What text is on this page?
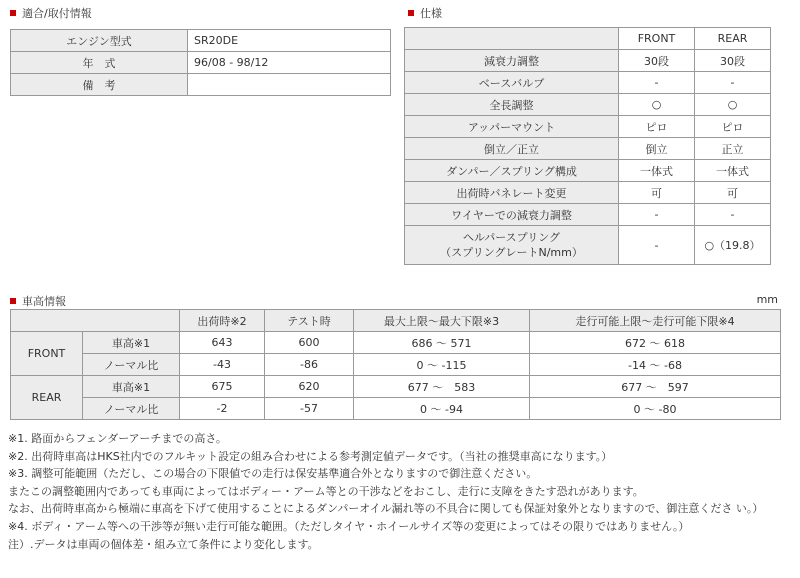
適合/取付情報
エンジン型式	SR20DE
年　式	96/08 - 98/12
備　考	
仕様
	FRONT	REAR
減衰力調整	30段	30段
ベースバルブ	-	-
全長調整	○	○
アッパーマウント	ピロ	ピロ
倒立／正立	倒立	正立
ダンパー／スプリング構成	一体式	一体式
出荷時バネレート変更	可	可
ワイヤーでの減衰力調整	-	-

ヘルパースプリング
（スプリングレートN/mm）	-	○（19.8）
車高情報	mm
		出荷時※2	テスト時	最大上限～最大下限※3	走行可能上限～走行可能下限※4
FRONT	車高※1	643	600	686 ～ 571	672 ～ 618
	ノーマル比	-43	-86	0 ～ -115	-14 ～ -68
REAR	車高※1	675	620	677 ～　583	677 ～　597
	ノーマル比	-2	-57	0 ～ -94	0 ～ -80
※1. 路面からフェンダーアーチまでの高さ。
※2. 出荷時車高はHKS社内でのフルキット設定の組み合わせによる参考測定値データです。（当社の推奨車高になります。）
※3. 調整可能範囲（ただし、この場合の下限値での走行は保安基準適合外となりますので御注意ください。
またこの調整範囲内であっても車両によってはボディー・アーム等との干渉などをおこし、走行に支障をきたす恐れがあります。
なお、出荷時車高から極端に車高を下げて使用することによるダンパーオイル漏れ等の不具合に関しても保証対象外となりますので、御注意くださ い。）
※4. ボディ・アーム等への干渉等が無い走行可能な範囲。（ただしタイヤ・ホイールサイズ等の変更によってはその限りではありません。）
注）.データは車両の個体差・組み立て条件により変化します。
